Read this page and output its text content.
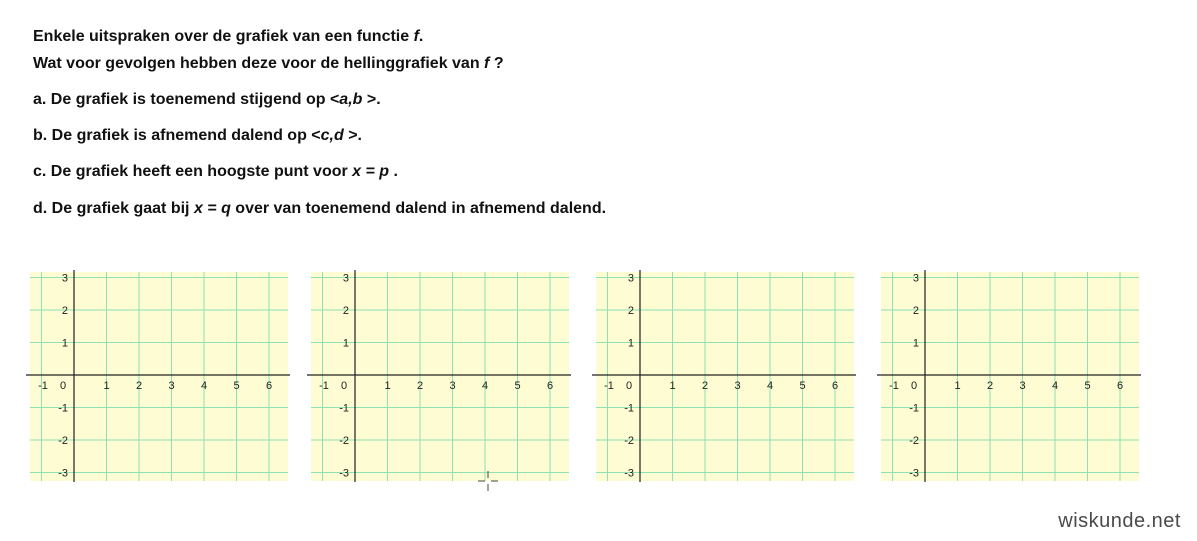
Enkele uitspraken over de grafiek van een functie f.
Wat voor gevolgen hebben deze voor de hellinggrafiek van f ?
a. De grafiek is toenemend stijgend op <a,b >.
b. De grafiek is afnemend dalend op <c,d >.
c. De grafiek heeft een hoogste punt voor x = p .
d. De grafiek gaat bij x = q over van toenemend dalend in afnemend dalend.
-1 0	1 2 3 4 5 6
3
2
1
-1
-2
-3
-1 0	1 2 3 4 5 6
3
2
1
-1
-2
-3
-1 0	1 2 3 4 5 6
3
2
1
-1
-2
-3
-1 0	1 2 3 4 5 6
3
2
1
-1
-2
-3
wiskunde.net
